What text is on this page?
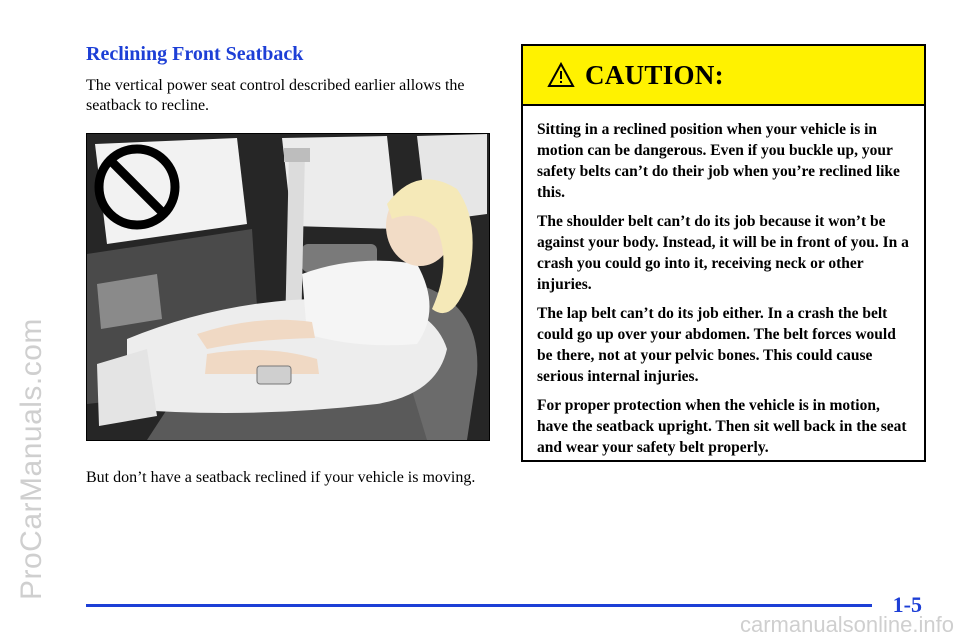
ProCarManuals.com
Reclining Front Seatback

The vertical power seat control described earlier allows the seatback to recline.

But don’t have a seatback reclined if your vehicle is moving.

CAUTION:

Sitting in a reclined position when your vehicle is in motion can be dangerous. Even if you buckle up, your safety belts can’t do their job when you’re reclined like this.

The shoulder belt can’t do its job because it won’t be against your body. Instead, it will be in front of you. In a crash you could go into it, receiving neck or other injuries.

The lap belt can’t do its job either. In a crash the belt could go up over your abdomen. The belt forces would be there, not at your pelvic bones. This could cause serious internal injuries.

For proper protection when the vehicle is in motion, have the seatback upright. Then sit well back in the seat and wear your safety belt properly.

1-5
carmanualsonline.info
